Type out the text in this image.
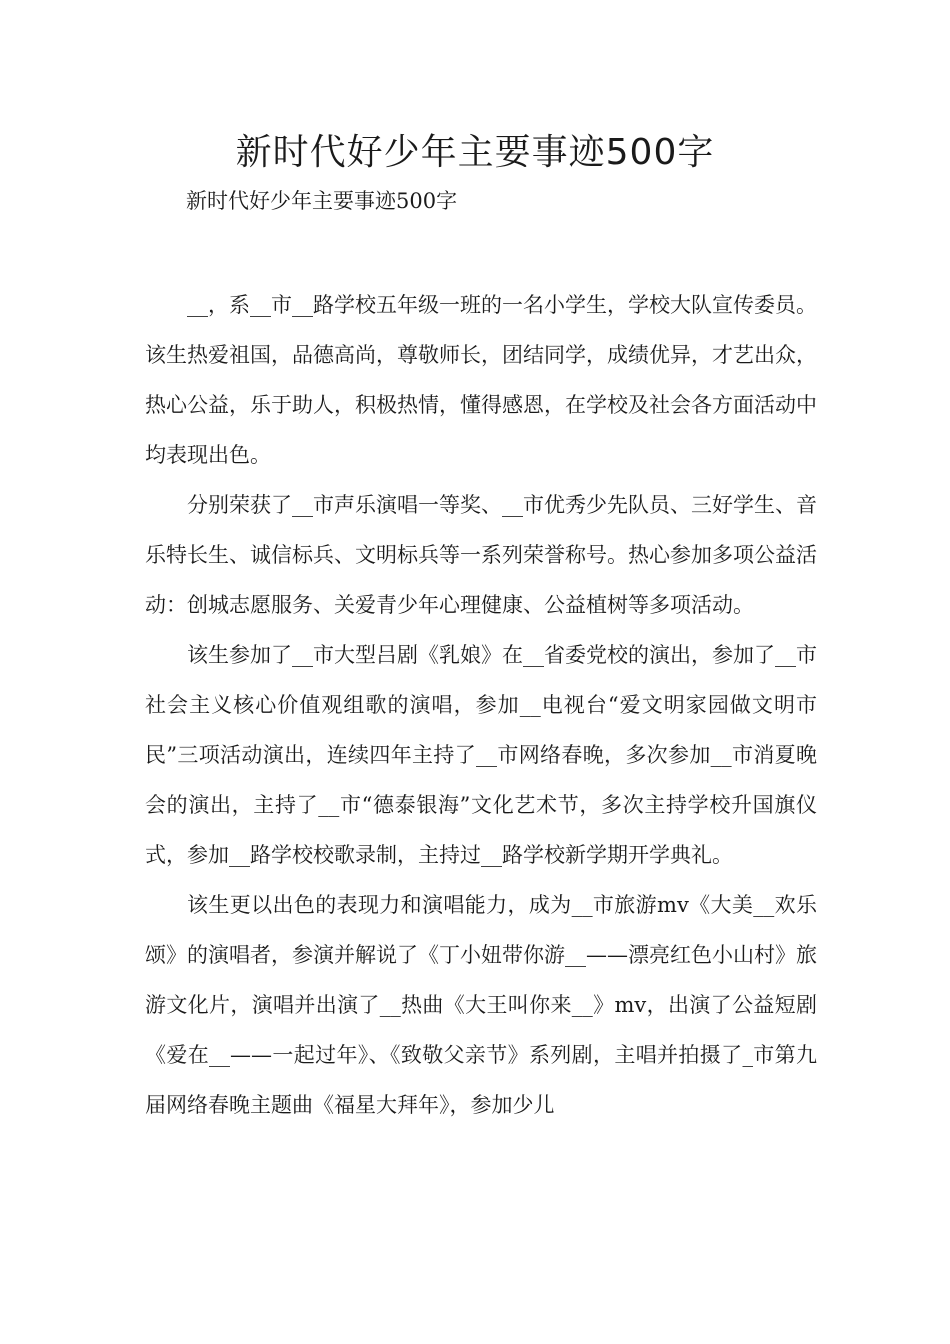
新时代好少年主要事迹500字
新时代好少年主要事迹500字

__，系__市__路学校五年级一班的一名小学生，学校大队宣传委员。该生热爱祖国，品德高尚，尊敬师长，团结同学，成绩优异，才艺出众，热心公益，乐于助人，积极热情，懂得感恩，在学校及社会各方面活动中均表现出色。

分别荣获了__市声乐演唱一等奖、__市优秀少先队员、三好学生、音乐特长生、诚信标兵、文明标兵等一系列荣誉称号。热心参加多项公益活动：创城志愿服务、关爱青少年心理健康、公益植树等多项活动。

该生参加了__市大型吕剧《乳娘》在__省委党校的演出，参加了__市社会主义核心价值观组歌的演唱，参加__电视台“爱文明家园做文明市民”三项活动演出，连续四年主持了__市网络春晚，多次参加__市消夏晚会的演出，主持了__市“德泰银海”文化艺术节，多次主持学校升国旗仪式，参加__路学校校歌录制，主持过__路学校新学期开学典礼。

该生更以出色的表现力和演唱能力，成为__市旅游mv《大美__欢乐颂》的演唱者，参演并解说了《丁小妞带你游__——漂亮红色小山村》旅游文化片，演唱并出演了__热曲《大王叫你来__》mv，出演了公益短剧《爱在__——一起过年》、《致敬父亲节》系列剧，主唱并拍摄了_市第九届网络春晚主题曲《福星大拜年》，参加少儿
